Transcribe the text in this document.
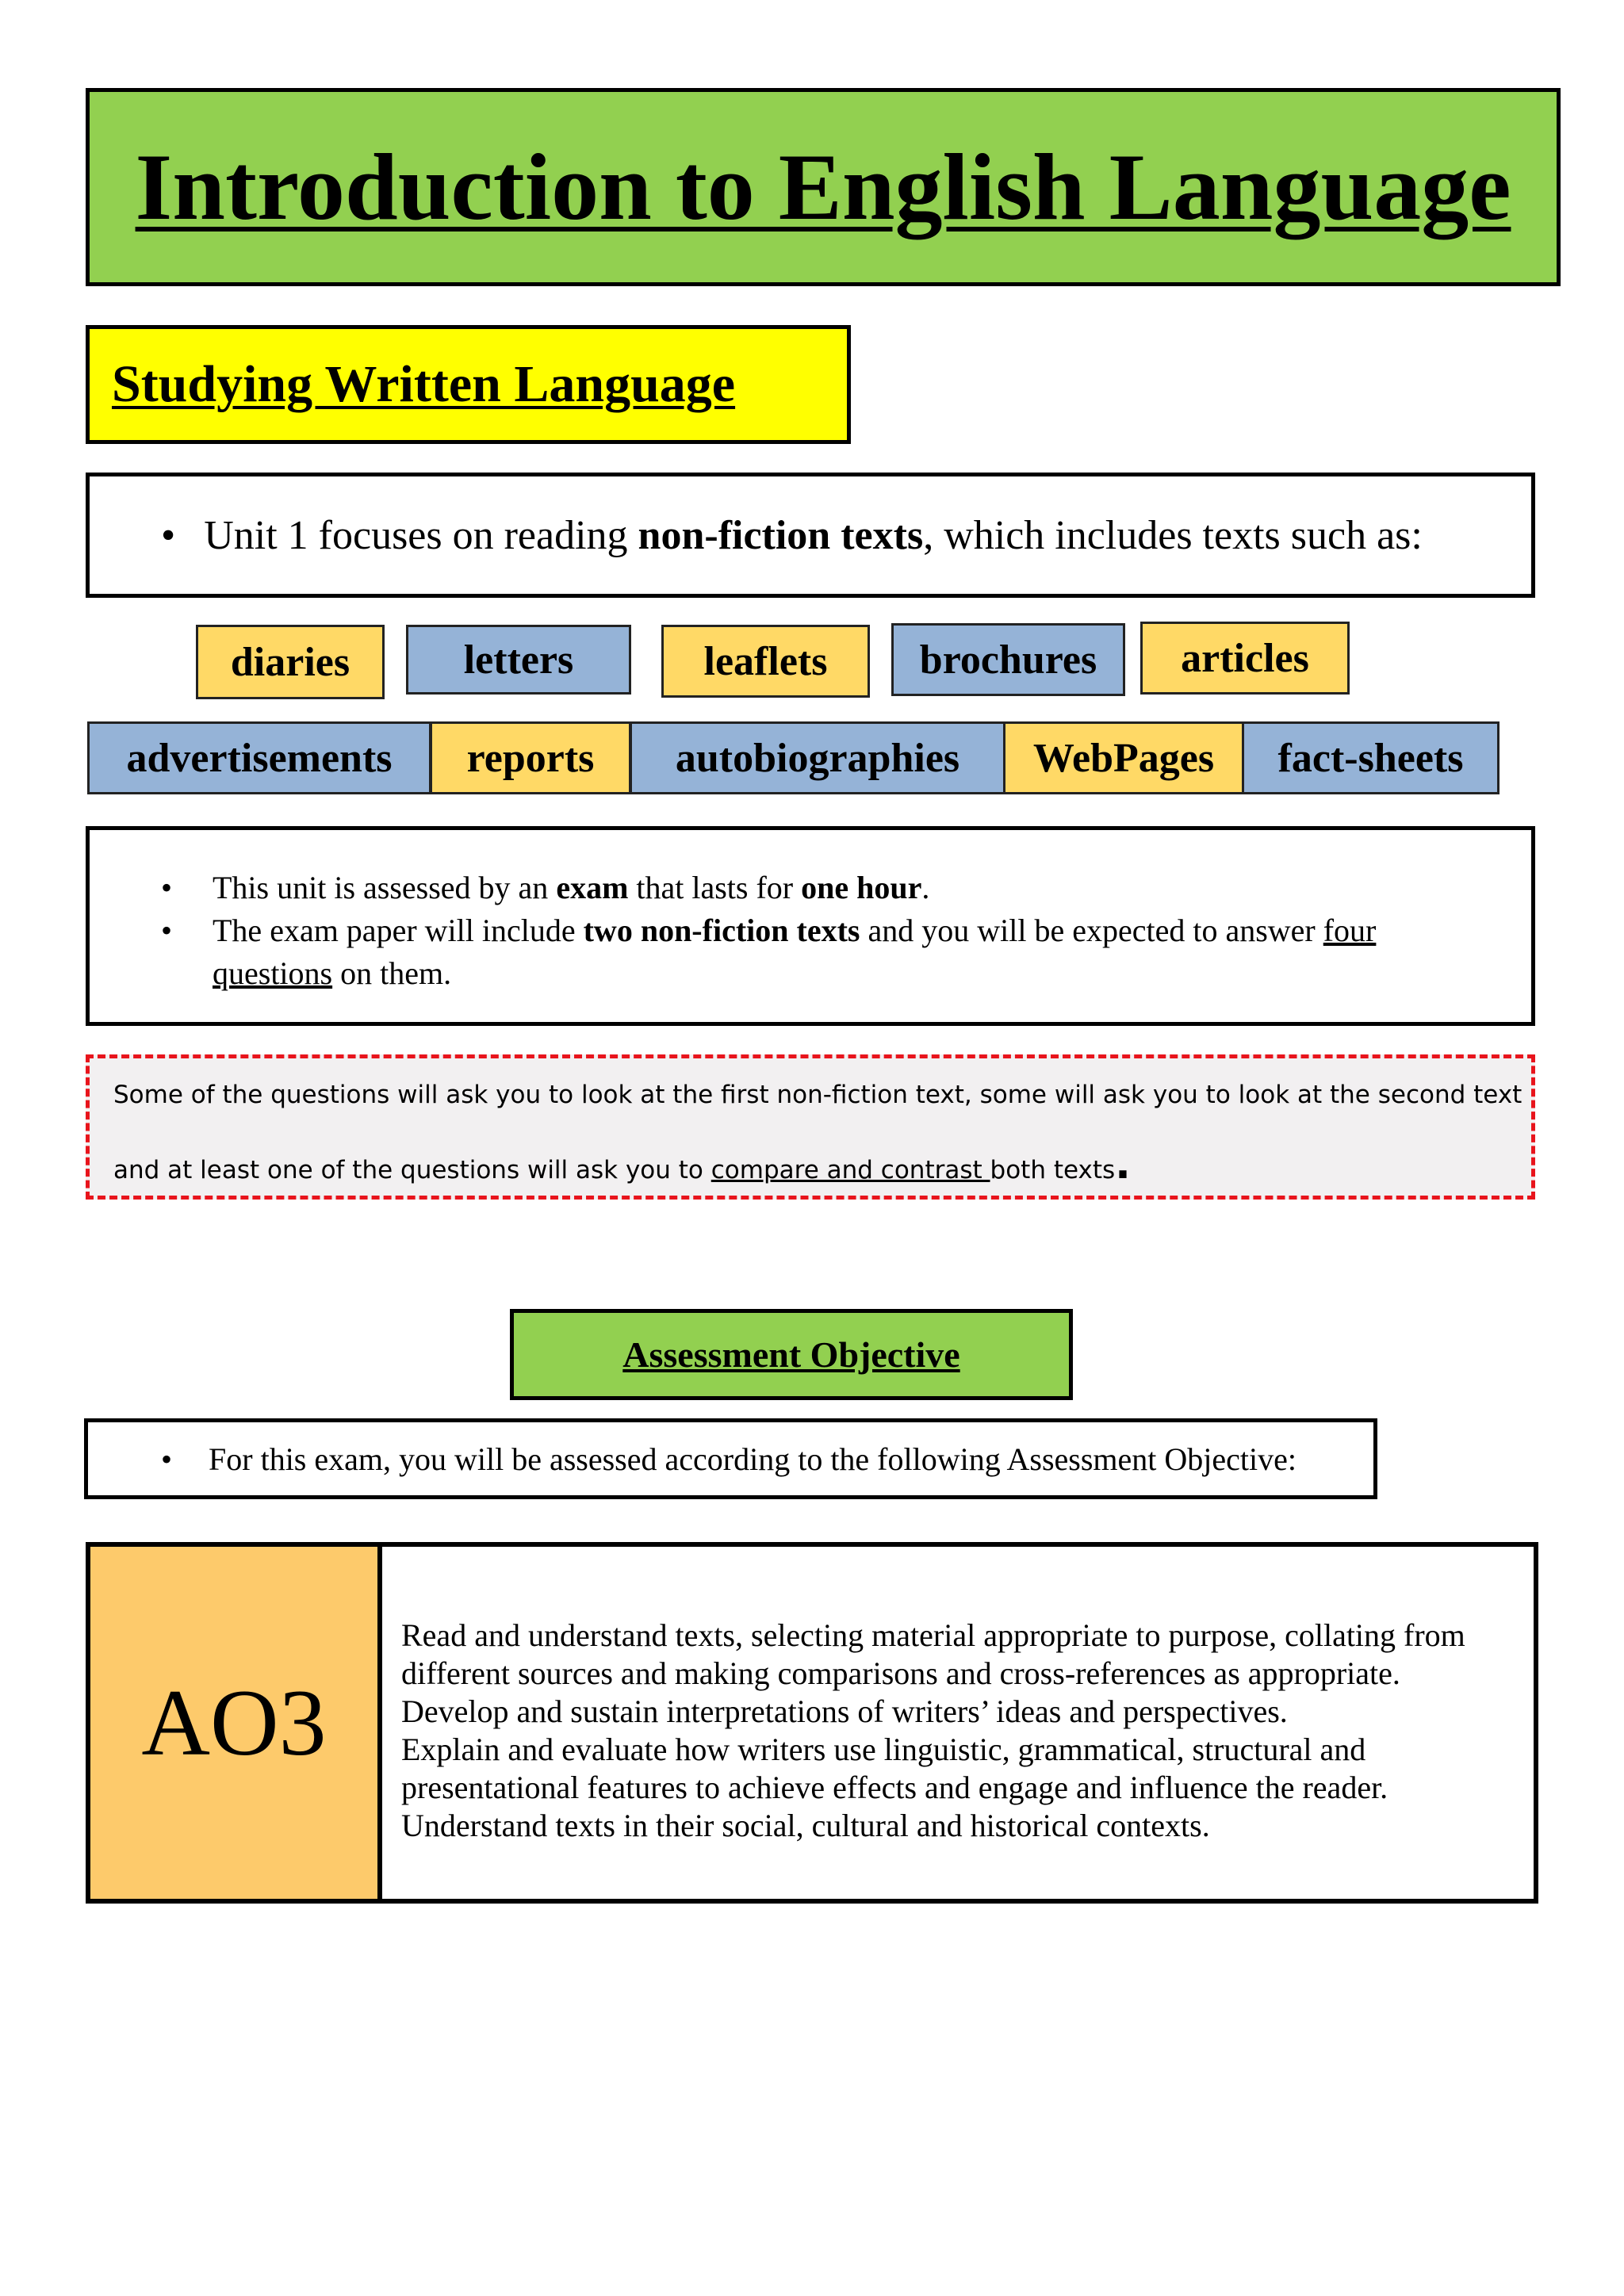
Introduction to English Language
Studying Written Language
• Unit 1 focuses on reading non-fiction texts, which includes texts such as:
diaries	letters	leaflets	brochures	articles
advertisements	reports	autobiographies	WebPages	fact-sheets
• This unit is assessed by an exam that lasts for one hour.
• The exam paper will include two non-fiction texts and you will be expected to answer four
questions on them.
Some of the questions will ask you to look at the first non-fiction text, some will ask you to look at the second text
and at least one of the questions will ask you to compare and contrast both texts.
Assessment Objective
• For this exam, you will be assessed according to the following Assessment Objective:
AO3
Read and understand texts, selecting material appropriate to purpose, collating from
different sources and making comparisons and cross-references as appropriate.
Develop and sustain interpretations of writers’ ideas and perspectives.
Explain and evaluate how writers use linguistic, grammatical, structural and
presentational features to achieve effects and engage and influence the reader.
Understand texts in their social, cultural and historical contexts.
